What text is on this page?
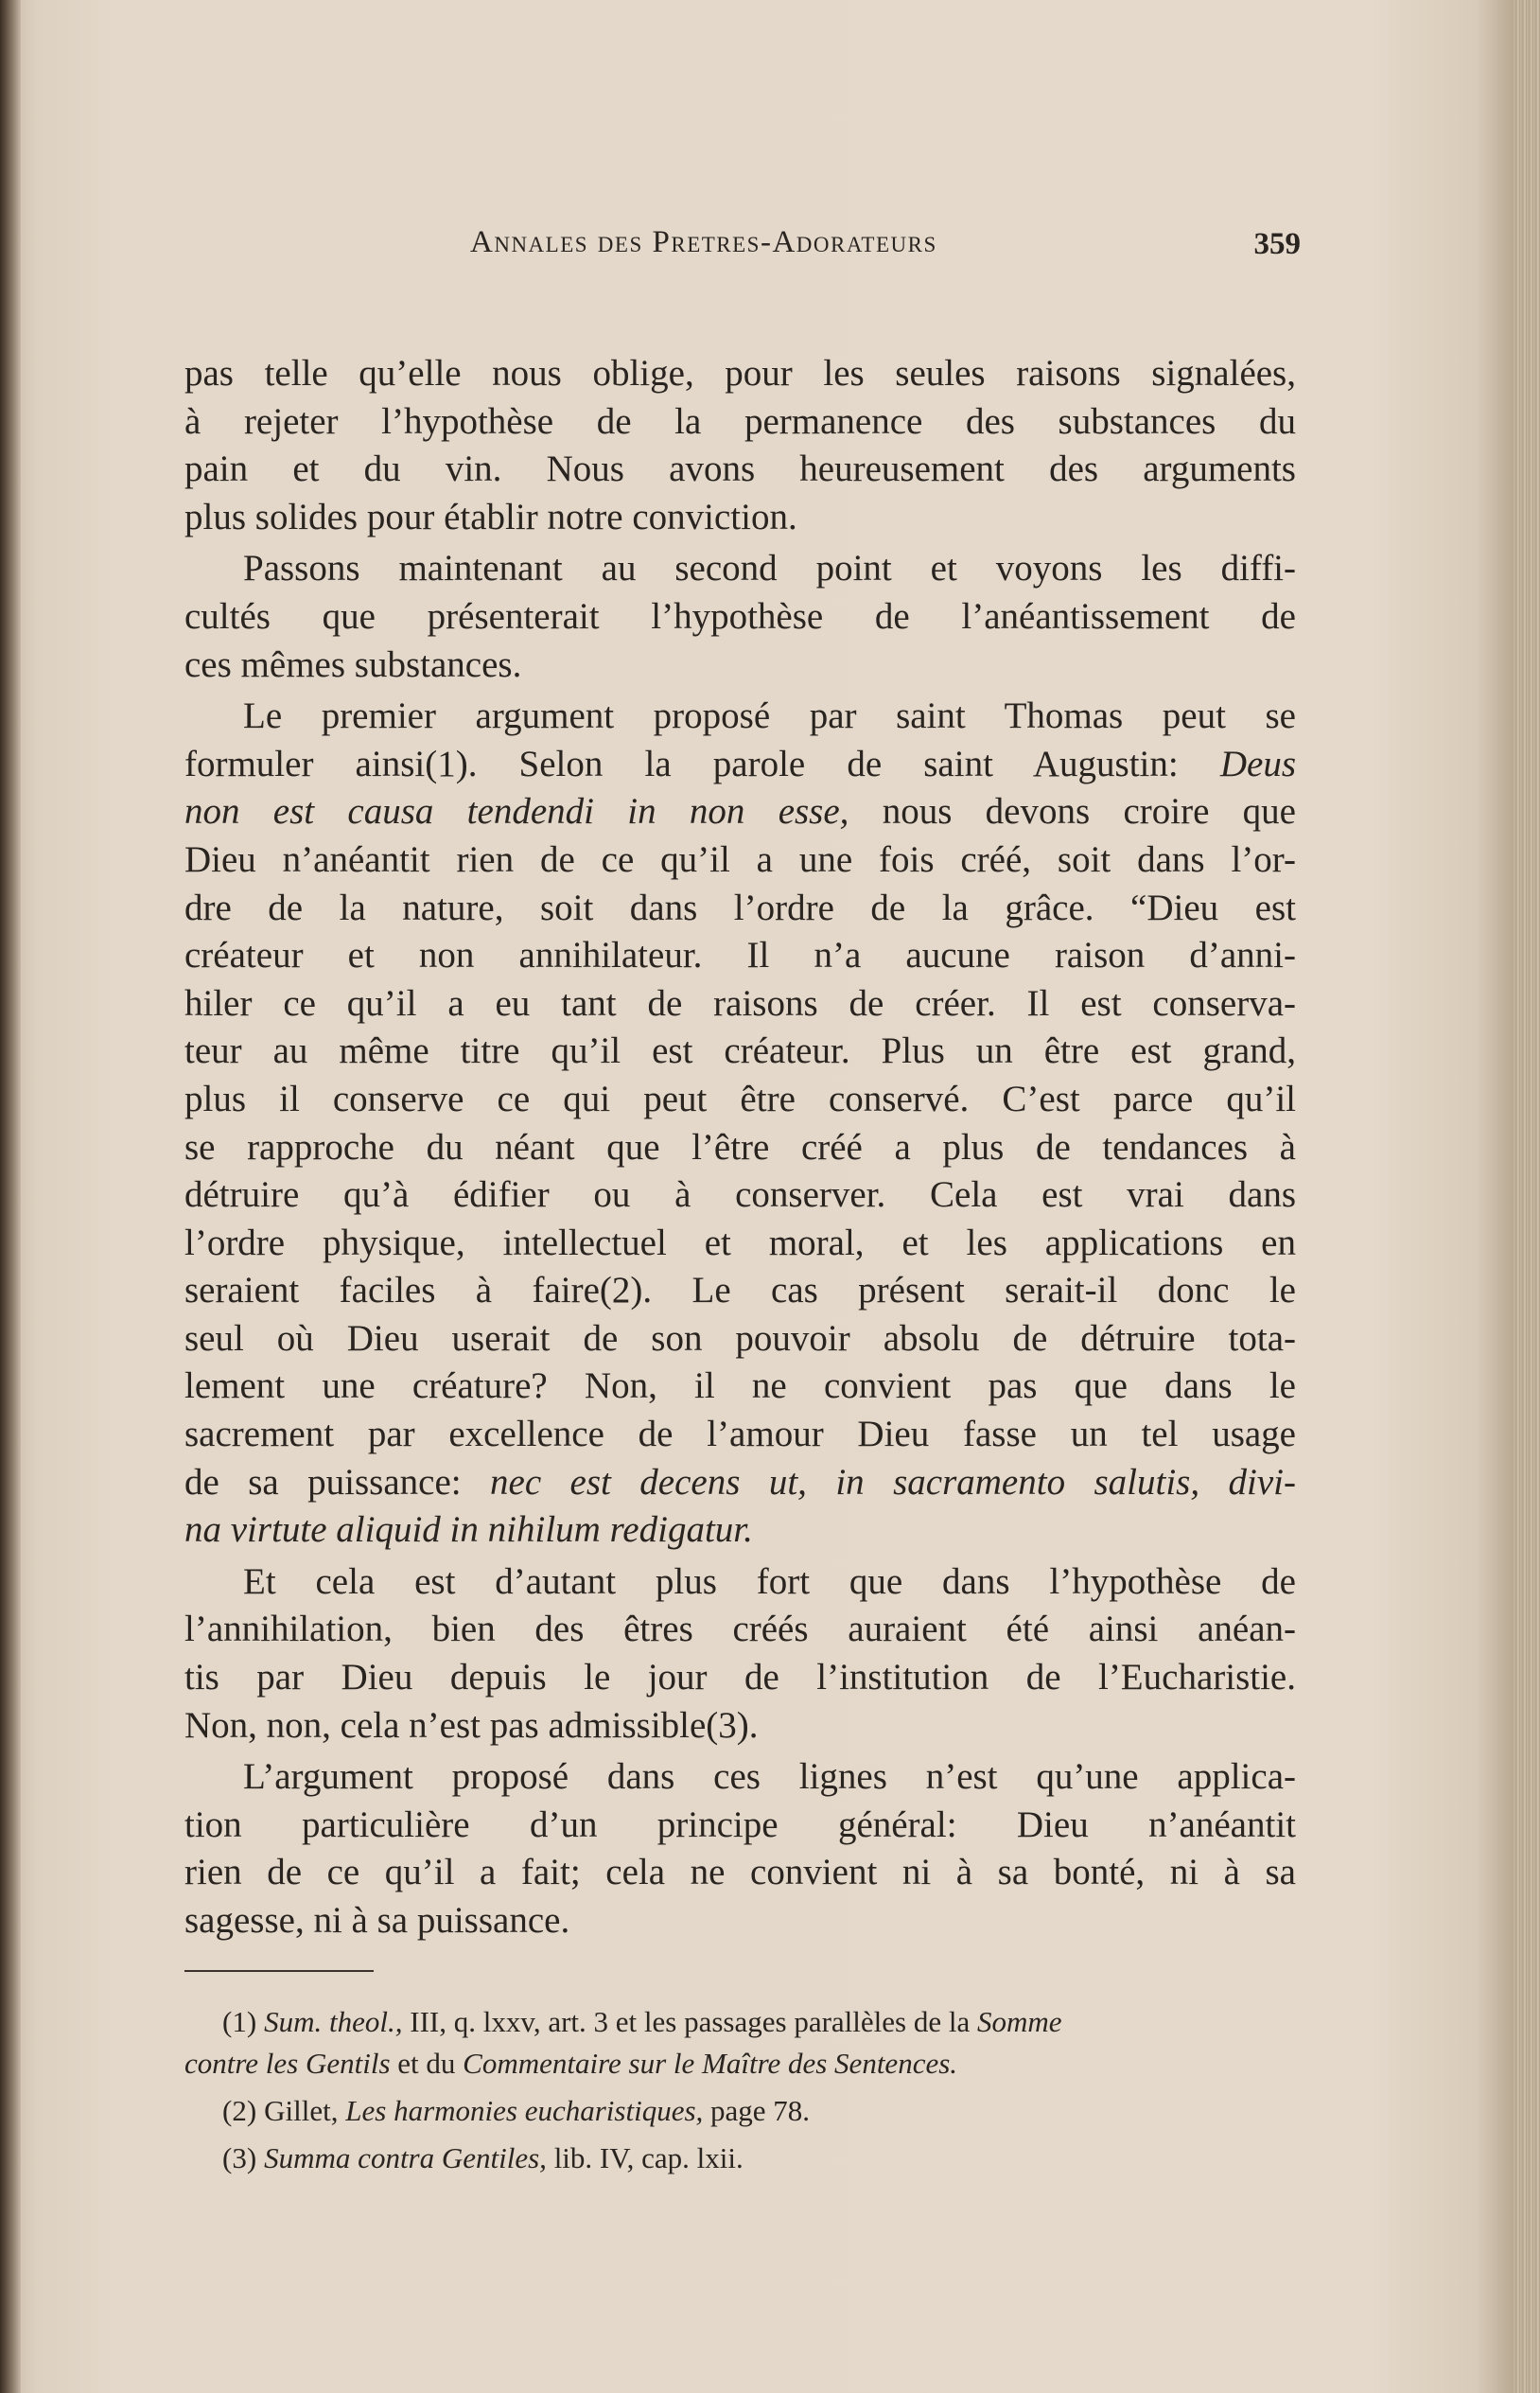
Annales des Pretres-Adorateurs	359

pas telle qu’elle nous oblige, pour les seules raisons signalées,
à rejeter l’hypothèse de la permanence des substances du
pain et du vin. Nous avons heureusement des arguments
plus solides pour établir notre conviction.

Passons maintenant au second point et voyons les diffi-
cultés que présenterait l’hypothèse de l’anéantissement de
ces mêmes substances.

Le premier argument proposé par saint Thomas peut se
formuler ainsi(1). Selon la parole de saint Augustin: Deus
non est causa tendendi in non esse, nous devons croire que
Dieu n’anéantit rien de ce qu’il a une fois créé, soit dans l’or-
dre de la nature, soit dans l’ordre de la grâce. “Dieu est
créateur et non annihilateur. Il n’a aucune raison d’anni-
hiler ce qu’il a eu tant de raisons de créer. Il est conserva-
teur au même titre qu’il est créateur. Plus un être est grand,
plus il conserve ce qui peut être conservé. C’est parce qu’il
se rapproche du néant que l’être créé a plus de tendances à
détruire qu’à édifier ou à conserver. Cela est vrai dans
l’ordre physique, intellectuel et moral, et les applications en
seraient faciles à faire(2). Le cas présent serait-il donc le
seul où Dieu userait de son pouvoir absolu de détruire tota-
lement une créature? Non, il ne convient pas que dans le
sacrement par excellence de l’amour Dieu fasse un tel usage
de sa puissance: nec est decens ut, in sacramento salutis, divi-
na virtute aliquid in nihilum redigatur.

Et cela est d’autant plus fort que dans l’hypothèse de
l’annihilation, bien des êtres créés auraient été ainsi anéan-
tis par Dieu depuis le jour de l’institution de l’Eucharistie.
Non, non, cela n’est pas admissible(3).

L’argument proposé dans ces lignes n’est qu’une applica-
tion particulière d’un principe général: Dieu n’anéantit
rien de ce qu’il a fait; cela ne convient ni à sa bonté, ni à sa
sagesse, ni à sa puissance.

(1) Sum. theol., III, q. lxxv, art. 3 et les passages parallèles de la Somme
contre les Gentils et du Commentaire sur le Maître des Sentences.
(2) Gillet, Les harmonies eucharistiques, page 78.
(3) Summa contra Gentiles, lib. IV, cap. lxii.
